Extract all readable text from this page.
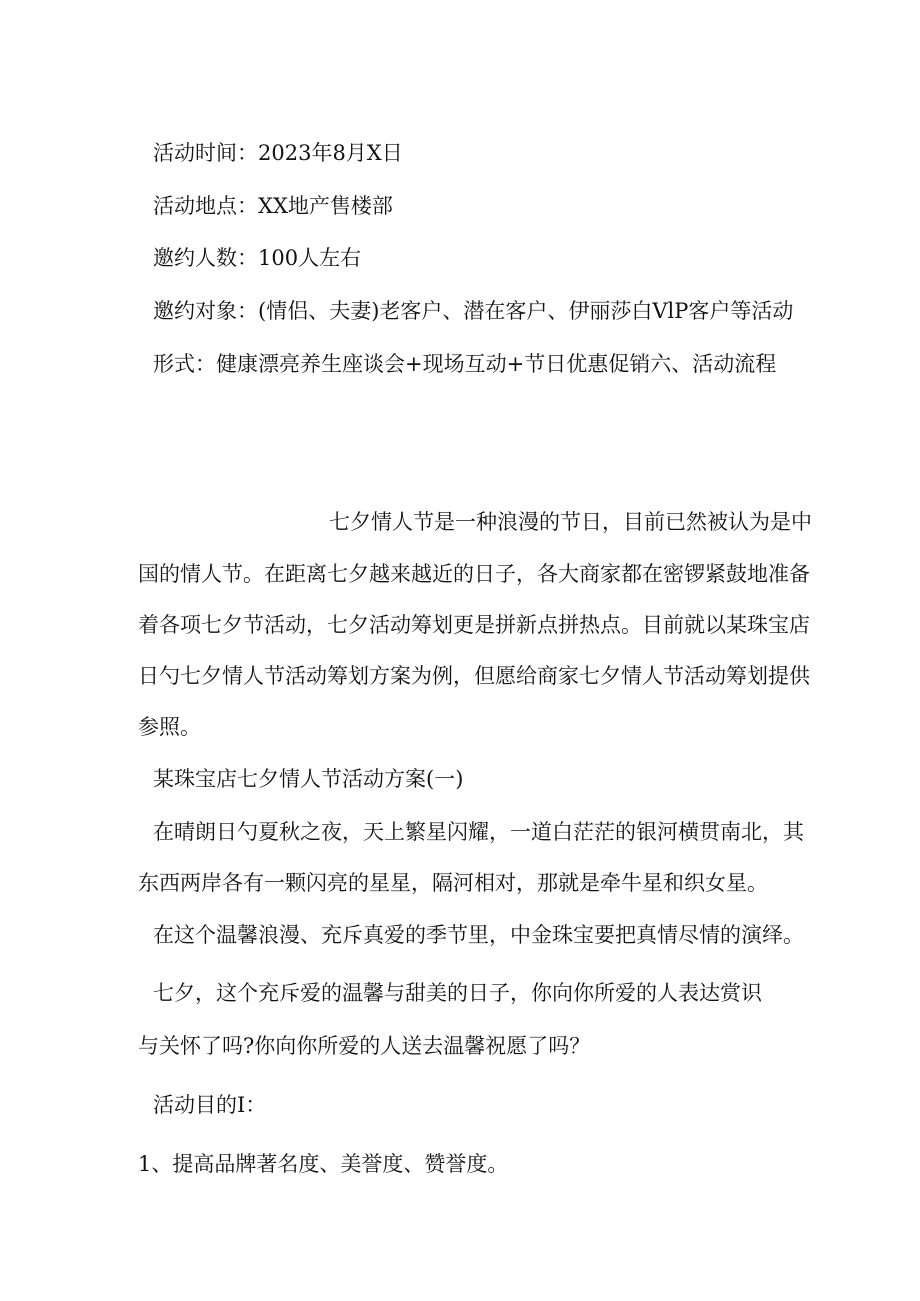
活动时间：2023年8月X日
活动地点：XX地产售楼部
邀约人数：100人左右
邀约对象：(情侣、夫妻)老客户、潜在客户、伊丽莎白VlP客户等活动
形式：健康漂亮养生座谈会+现场互动+节日优惠促销六、活动流程
七夕情人节是一种浪漫的节日，目前已然被认为是中
国的情人节。在距离七夕越来越近的日子，各大商家都在密锣紧鼓地准备
着各项七夕节活动，七夕活动筹划更是拼新点拼热点。目前就以某珠宝店
日勺七夕情人节活动筹划方案为例，但愿给商家七夕情人节活动筹划提供
参照。
某珠宝店七夕情人节活动方案(一)
在晴朗日勺夏秋之夜，天上繁星闪耀，一道白茫茫的银河横贯南北，其
东西两岸各有一颗闪亮的星星，隔河相对，那就是牵牛星和织女星。
在这个温馨浪漫、充斥真爱的季节里，中金珠宝要把真情尽情的演绎。
七夕，这个充斥爱的温馨与甜美的日子，你向你所爱的人表达赏识
与关怀了吗?你向你所爱的人送去温馨祝愿了吗？
活动目的I：
1、提高品牌著名度、美誉度、赞誉度。
